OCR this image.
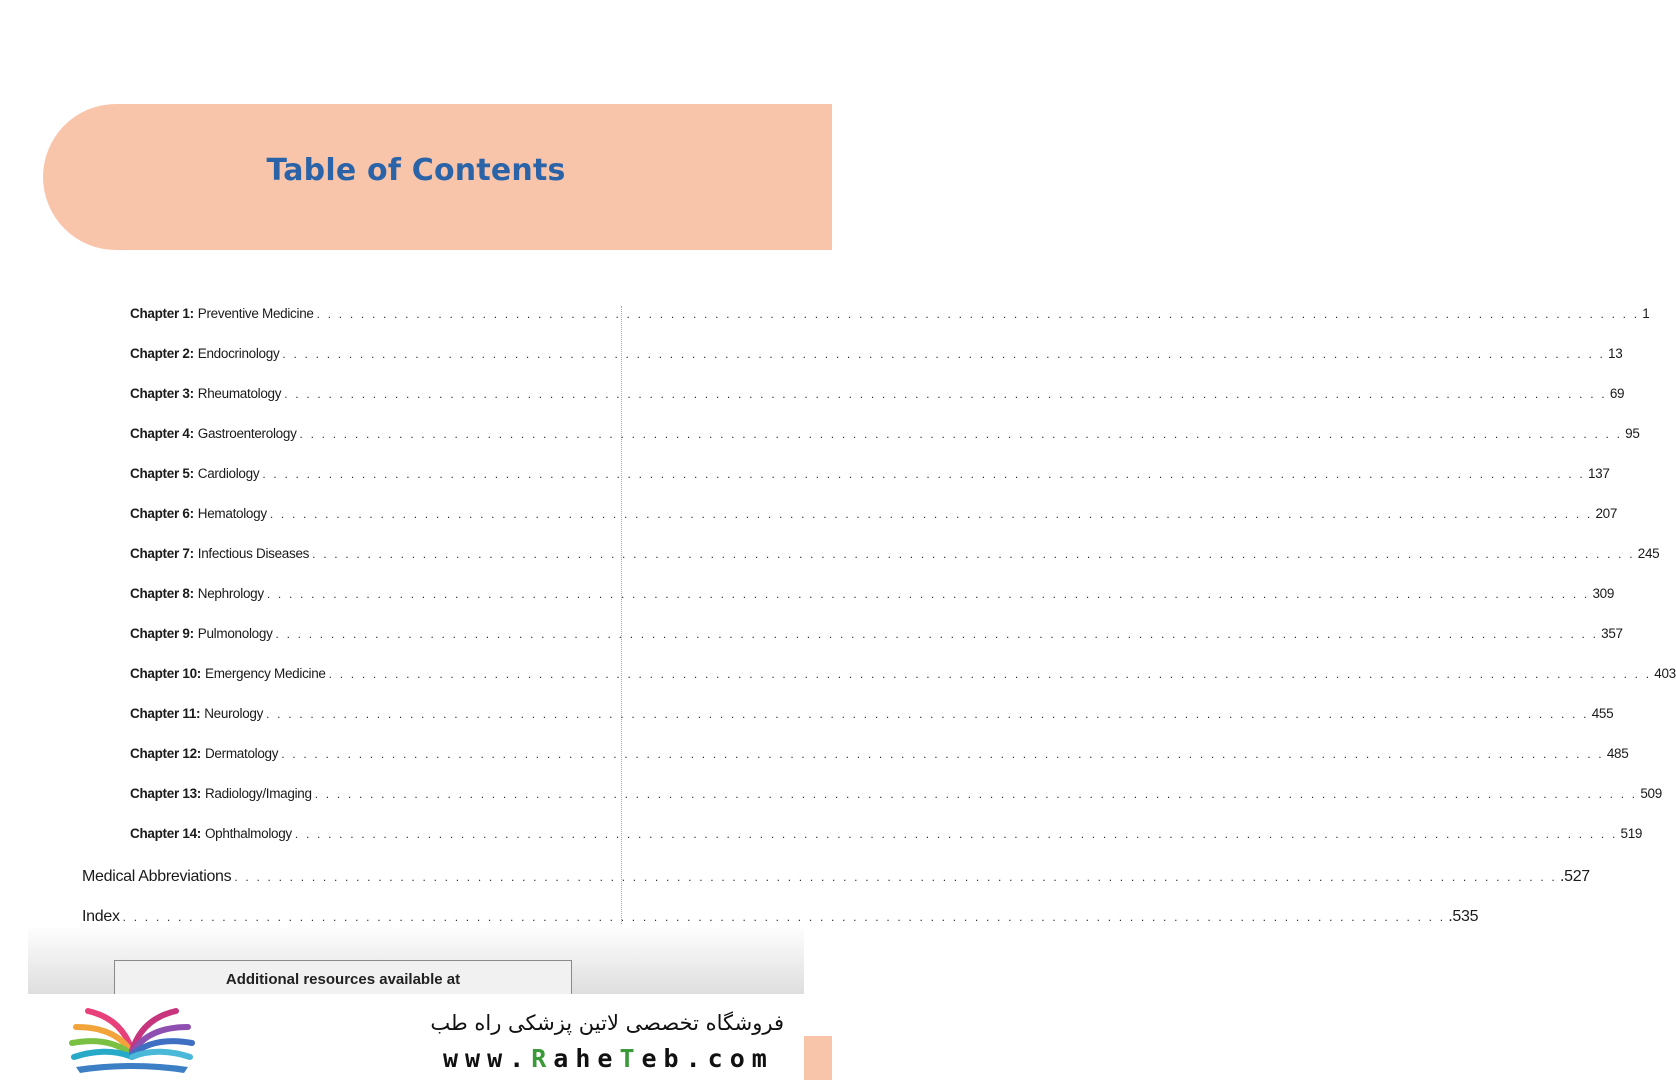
Table of Contents
Chapter 1: Preventive Medicine . . . . . . . . . . . . . . . . . . . . . . . . . . . . . . . . . . . . . . . . . . . . . . . . . . . . . . . . . . . . . . . . . . . . . . . . . . . . . . . . . . . . . . . . . . . . . . . . . . . . . . . . . . . . . . . . . . . . . . . . 1
Chapter 2: Endocrinology . . . . . . . . . . . . . . . . . . . . . . . . . . . . . . . . . . . . . . . . . . . . . . . . . . . . . . . . . . . . . . . . . . . . . . . . . . . . . . . . . . . . . . . . . . . . . . . . . . . . . . . . . . . . . . . . . . . . . . . . 13
Chapter 3: Rheumatology . . . . . . . . . . . . . . . . . . . . . . . . . . . . . . . . . . . . . . . . . . . . . . . . . . . . . . . . . . . . . . . . . . . . . . . . . . . . . . . . . . . . . . . . . . . . . . . . . . . . . . . . . . . . . . . . . . . . . . . . 69
Chapter 4: Gastroenterology . . . . . . . . . . . . . . . . . . . . . . . . . . . . . . . . . . . . . . . . . . . . . . . . . . . . . . . . . . . . . . . . . . . . . . . . . . . . . . . . . . . . . . . . . . . . . . . . . . . . . . . . . . . . . . . . . . . . . . . . 95
Chapter 5: Cardiology . . . . . . . . . . . . . . . . . . . . . . . . . . . . . . . . . . . . . . . . . . . . . . . . . . . . . . . . . . . . . . . . . . . . . . . . . . . . . . . . . . . . . . . . . . . . . . . . . . . . . . . . . . . . . . . . . . . . . . . . 137
Chapter 6: Hematology . . . . . . . . . . . . . . . . . . . . . . . . . . . . . . . . . . . . . . . . . . . . . . . . . . . . . . . . . . . . . . . . . . . . . . . . . . . . . . . . . . . . . . . . . . . . . . . . . . . . . . . . . . . . . . . . . . . . . . . . 207
Chapter 7: Infectious Diseases . . . . . . . . . . . . . . . . . . . . . . . . . . . . . . . . . . . . . . . . . . . . . . . . . . . . . . . . . . . . . . . . . . . . . . . . . . . . . . . . . . . . . . . . . . . . . . . . . . . . . . . . . . . . . . . . . . . . . . . . 245
Chapter 8: Nephrology . . . . . . . . . . . . . . . . . . . . . . . . . . . . . . . . . . . . . . . . . . . . . . . . . . . . . . . . . . . . . . . . . . . . . . . . . . . . . . . . . . . . . . . . . . . . . . . . . . . . . . . . . . . . . . . . . . . . . . . . 309
Chapter 9: Pulmonology . . . . . . . . . . . . . . . . . . . . . . . . . . . . . . . . . . . . . . . . . . . . . . . . . . . . . . . . . . . . . . . . . . . . . . . . . . . . . . . . . . . . . . . . . . . . . . . . . . . . . . . . . . . . . . . . . . . . . . . . 357
Chapter 10: Emergency Medicine . . . . . . . . . . . . . . . . . . . . . . . . . . . . . . . . . . . . . . . . . . . . . . . . . . . . . . . . . . . . . . . . . . . . . . . . . . . . . . . . . . . . . . . . . . . . . . . . . . . . . . . . . . . . . . . . . . . . . . . . 403
Chapter 11: Neurology . . . . . . . . . . . . . . . . . . . . . . . . . . . . . . . . . . . . . . . . . . . . . . . . . . . . . . . . . . . . . . . . . . . . . . . . . . . . . . . . . . . . . . . . . . . . . . . . . . . . . . . . . . . . . . . . . . . . . . . . 455
Chapter 12: Dermatology . . . . . . . . . . . . . . . . . . . . . . . . . . . . . . . . . . . . . . . . . . . . . . . . . . . . . . . . . . . . . . . . . . . . . . . . . . . . . . . . . . . . . . . . . . . . . . . . . . . . . . . . . . . . . . . . . . . . . . . . 485
Chapter 13: Radiology/Imaging . . . . . . . . . . . . . . . . . . . . . . . . . . . . . . . . . . . . . . . . . . . . . . . . . . . . . . . . . . . . . . . . . . . . . . . . . . . . . . . . . . . . . . . . . . . . . . . . . . . . . . . . . . . . . . . . . . . . . . . . 509
Chapter 14: Ophthalmology . . . . . . . . . . . . . . . . . . . . . . . . . . . . . . . . . . . . . . . . . . . . . . . . . . . . . . . . . . . . . . . . . . . . . . . . . . . . . . . . . . . . . . . . . . . . . . . . . . . . . . . . . . . . . . . . . . . . . . . . 519
Medical Abbreviations . . . . . . . . . . . . . . . . . . . . . . . . . . . . . . . . . . . . . . . . . . . . . . . . . . . . . . . . . . . . . . . . . . . . . . . . . . . . . . . . . . . . . . . . . . . . . . . . . . . . . . . . . . . . . . . . . . . . . . . . .527
Index . . . . . . . . . . . . . . . . . . . . . . . . . . . . . . . . . . . . . . . . . . . . . . . . . . . . . . . . . . . . . . . . . . . . . . . . . . . . . . . . . . . . . . . . . . . . . . . . . . . . . . . . . . . . . . . . . . . . . . . . .535
Additional resources available at
فروشگاه تخصصی لاتین پزشکی راه طب
www.RaheTeb.com
